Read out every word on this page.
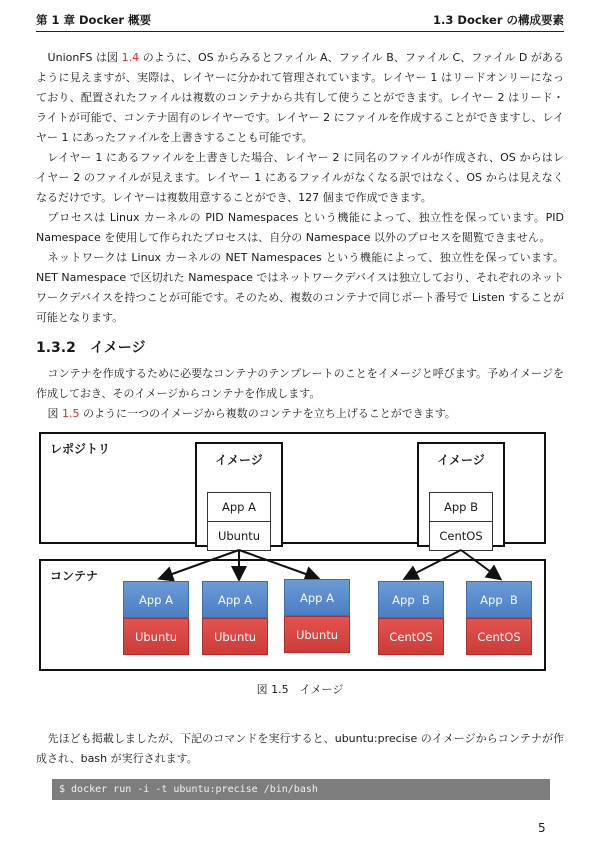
第 1 章 Docker 概要	1.3 Docker の構成要素

UnionFS は図 1.4 のように、OS からみるとファイル A、ファイル B、ファイル C、ファイル D があるように見えますが、実際は、レイヤーに分かれて管理されています。レイヤー 1 はリードオンリーになっており、配置されたファイルは複数のコンテナから共有して使うことができます。レイヤー 2 はリード・ライトが可能で、コンテナ固有のレイヤーです。レイヤー 2 にファイルを作成することができますし、レイヤー 1 にあったファイルを上書きすることも可能です。

レイヤー 1 にあるファイルを上書きした場合、レイヤー 2 に同名のファイルが作成され、OS からはレイヤー 2 のファイルが見えます。レイヤー 1 にあるファイルがなくなる訳ではなく、OS からは見えなくなるだけです。レイヤーは複数用意することができ、127 個まで作成できます。

プロセスは Linux カーネルの PID Namespaces という機能によって、独立性を保っています。PID Namespace を使用して作られたプロセスは、自分の Namespace 以外のプロセスを閲覧できません。

ネットワークは Linux カーネルの NET Namespaces という機能によって、独立性を保っています。NET Namespace で区切れた Namespace ではネットワークデバイスは独立しており、それぞれのネットワークデバイスを持つことが可能です。そのため、複数のコンテナで同じポート番号で Listen することが可能となります。

1.3.2 イメージ

コンテナを作成するために必要なコンテナのテンプレートのことをイメージと呼びます。予めイメージを作成しておき、そのイメージからコンテナを作成します。

図 1.5 のように一つのイメージから複数のコンテナを立ち上げることができます。

レポジトリ
コンテナ
イメージ
App A
Ubuntu
イメージ
App B
CentOS
App A
Ubuntu
App A
Ubuntu
App A
Ubuntu
App  B
CentOS
App  B
CentOS
図 1.5　イメージ

先ほども掲載しましたが、下記のコマンドを実行すると、ubuntu:precise のイメージからコンテナが作成され、bash が実行されます。

$ docker run -i -t ubuntu:precise /bin/bash
5
